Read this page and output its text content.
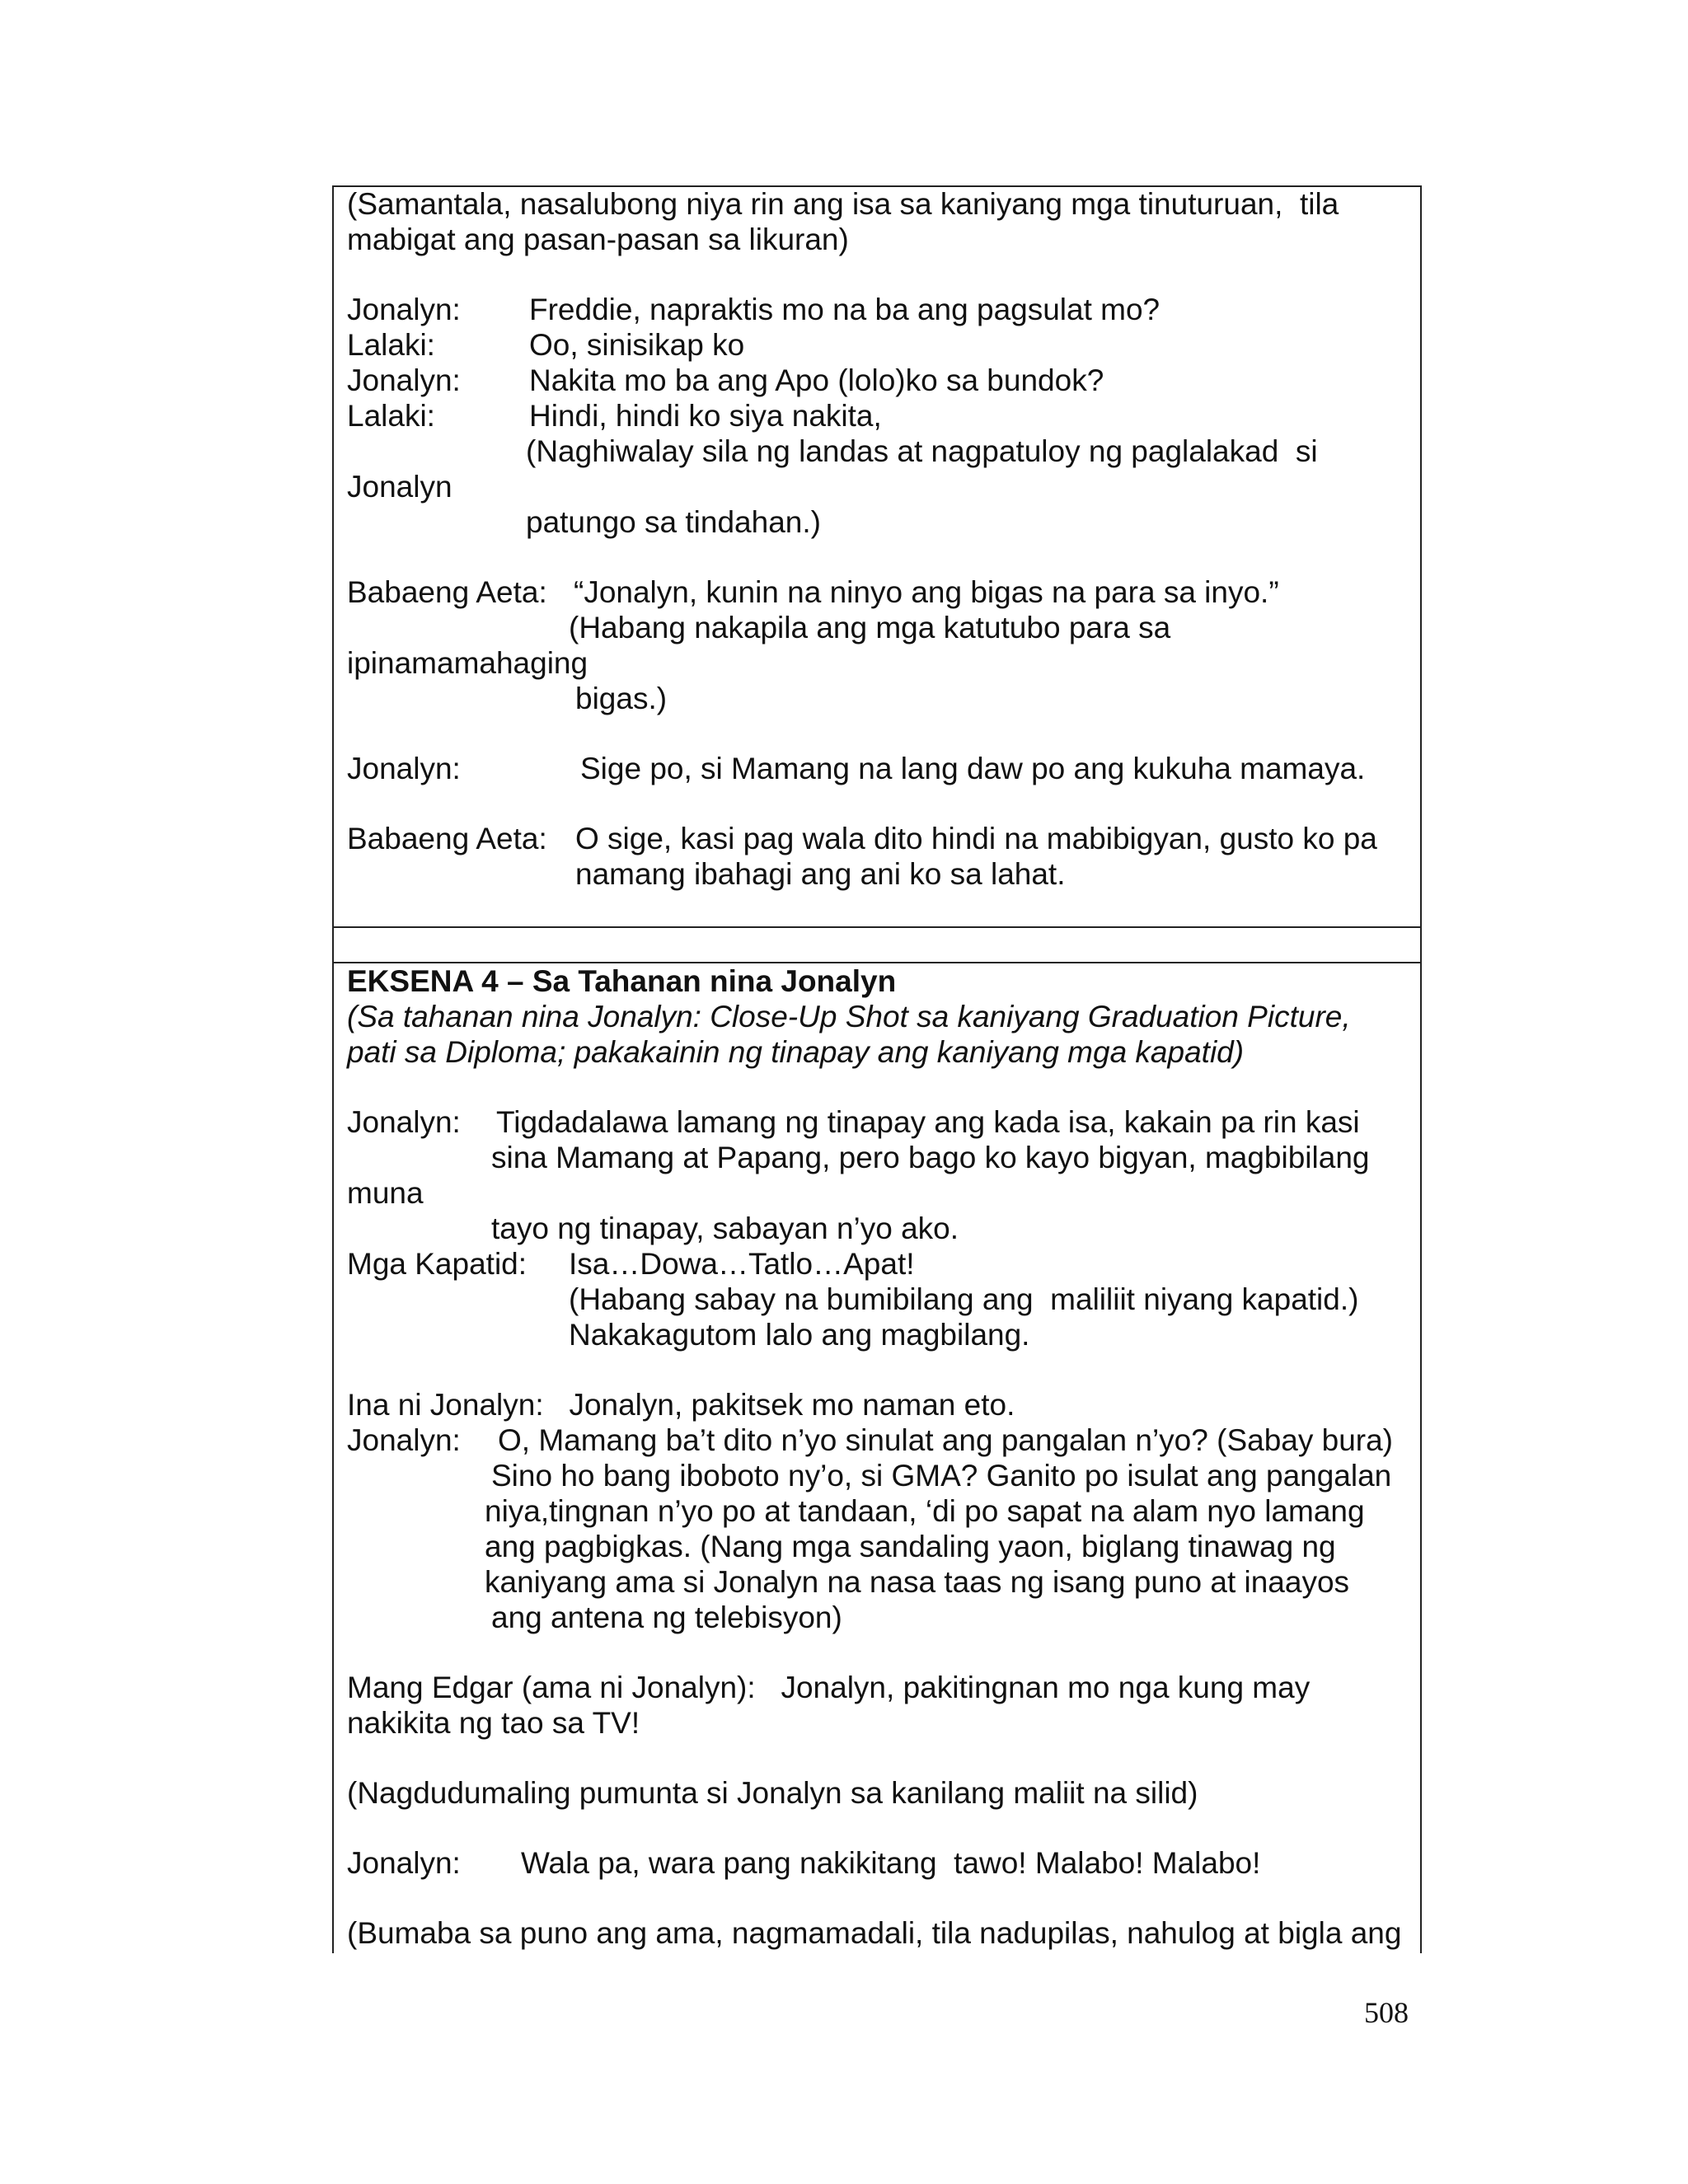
(Samantala, nasalubong niya rin ang isa sa kaniyang mga tinuturuan,  tila
mabigat ang pasan-pasan sa likuran)
Jonalyn: Freddie, napraktis mo na ba ang pagsulat mo?
Lalaki:	Oo, sinisikap ko
Jonalyn: Nakita mo ba ang Apo (lolo)ko sa bundok?
Lalaki:	Hindi, hindi ko siya nakita,
(Naghiwalay sila ng landas at nagpatuloy ng paglalakad  si
Jonalyn
patungo sa tindahan.)
Babaeng Aeta: “Jonalyn, kunin na ninyo ang bigas na para sa inyo.”
(Habang nakapila ang mga katutubo para sa
ipinamamahaging
bigas.)
Jonalyn:	Sige po, si Mamang na lang daw po ang kukuha mamaya.
Babaeng Aeta: O sige, kasi pag wala dito hindi na mabibigyan, gusto ko pa
namang ibahagi ang ani ko sa lahat.
EKSENA 4 – Sa Tahanan nina Jonalyn
(Sa tahanan nina Jonalyn: Close-Up Shot sa kaniyang Graduation Picture,
pati sa Diploma; pakakainin ng tinapay ang kaniyang mga kapatid)
Jonalyn: Tigdadalawa lamang ng tinapay ang kada isa, kakain pa rin kasi
sina Mamang at Papang, pero bago ko kayo bigyan, magbibilang
muna
tayo ng tinapay, sabayan n’yo ako.
Mga Kapatid: Isa…Dowa…Tatlo…Apat!
(Habang sabay na bumibilang ang  maliliit niyang kapatid.)
Nakakagutom lalo ang magbilang.
Ina ni Jonalyn:   Jonalyn, pakitsek mo naman eto.
Jonalyn: O, Mamang ba’t dito n’yo sinulat ang pangalan n’yo? (Sabay bura)
Sino ho bang iboboto ny’o, si GMA? Ganito po isulat ang pangalan
niya,tingnan n’yo po at tandaan, ‘di po sapat na alam nyo lamang
ang pagbigkas. (Nang mga sandaling yaon, biglang tinawag ng
kaniyang ama si Jonalyn na nasa taas ng isang puno at inaayos
ang antena ng telebisyon)
Mang Edgar (ama ni Jonalyn):   Jonalyn, pakitingnan mo nga kung may
nakikita ng tao sa TV!
(Nagdudumaling pumunta si Jonalyn sa kanilang maliit na silid)
Jonalyn: Wala pa, wara pang nakikitang  tawo! Malabo! Malabo!
(Bumaba sa puno ang ama, nagmamadali, tila nadupilas, nahulog at bigla ang
508
